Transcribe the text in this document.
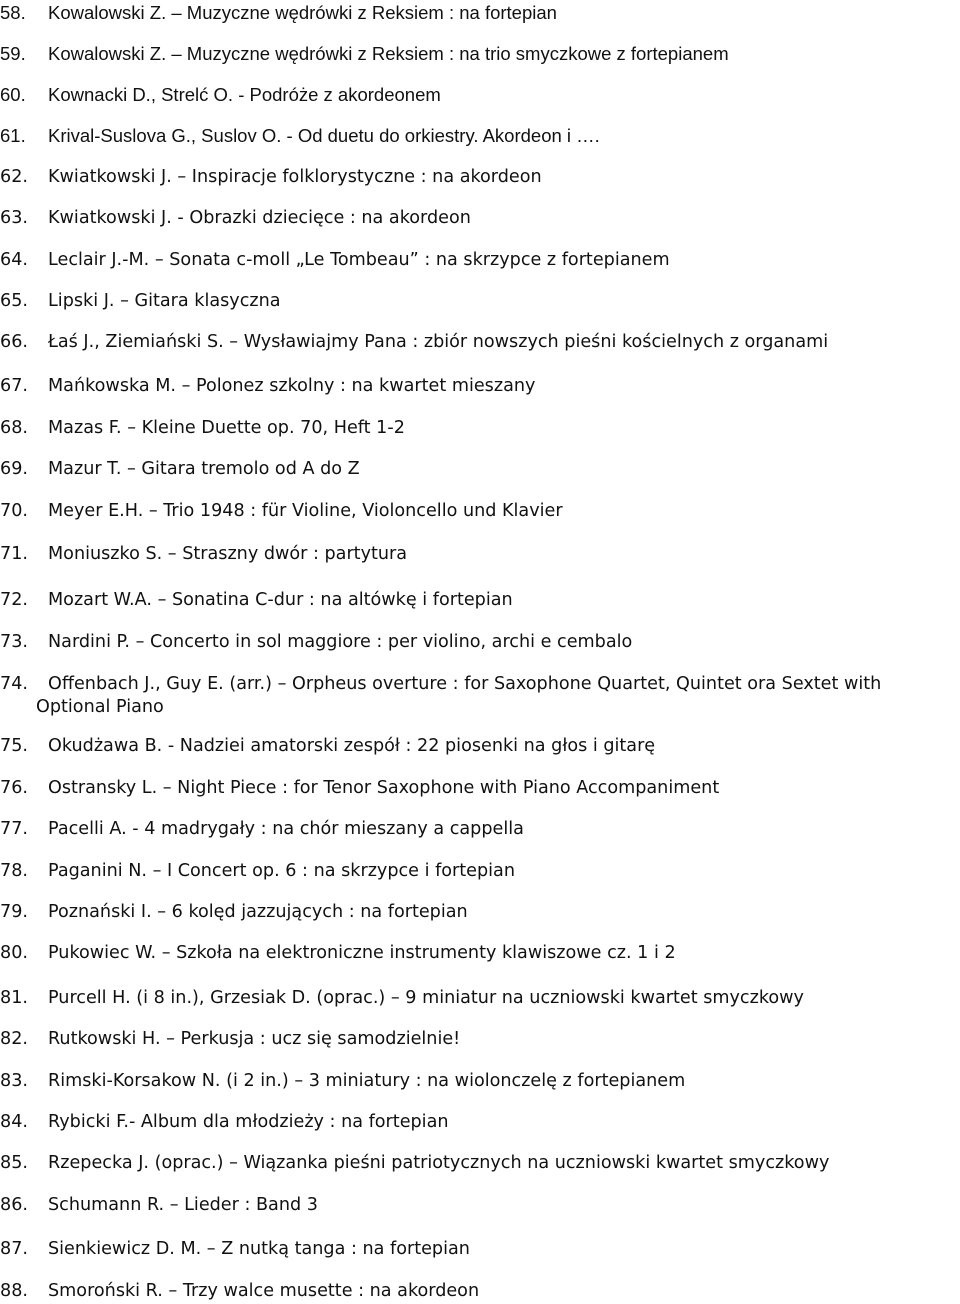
58.	Kowalowski Z. – Muzyczne wędrówki z Reksiem : na fortepian
59.	Kowalowski Z. – Muzyczne wędrówki z Reksiem : na trio smyczkowe z fortepianem
60.	Kownacki D., Strelć O. - Podróże z akordeonem
61.	Krival-Suslova G., Suslov O. - Od duetu do orkiestry. Akordeon i ….
62.	Kwiatkowski J. – Inspiracje folklorystyczne : na akordeon
63.	Kwiatkowski J. - Obrazki dziecięce : na akordeon
64.	Leclair J.-M. – Sonata c-moll „Le Tombeau” : na skrzypce z fortepianem
65.	Lipski J. – Gitara klasyczna
66.	Łaś J., Ziemiański S. – Wysławiajmy Pana : zbiór nowszych pieśni kościelnych z organami
67.	Mańkowska M. – Polonez szkolny : na kwartet mieszany
68.	Mazas F. – Kleine Duette op. 70, Heft 1-2
69.	Mazur T. – Gitara tremolo od A do Z
70.	Meyer E.H. – Trio 1948 : für Violine, Violoncello und Klavier
71.	Moniuszko S. – Straszny dwór : partytura
72.	Mozart W.A. – Sonatina C-dur : na altówkę i fortepian
73.	Nardini P. – Concerto in sol maggiore : per violino, archi e cembalo
74.	Offenbach J., Guy E. (arr.) – Orpheus overture : for Saxophone Quartet, Quintet ora Sextet with Optional Piano
75.	Okudżawa B. - Nadziei amatorski zespół : 22 piosenki na głos i gitarę
76.	Ostransky L. – Night Piece : for Tenor Saxophone with Piano Accompaniment
77.	Pacelli A. - 4 madrygały : na chór mieszany a cappella
78.	Paganini N. – I Concert op. 6 : na skrzypce i fortepian
79.	Poznański I. – 6 kolęd jazzujących : na fortepian
80.	Pukowiec W. – Szkoła na elektroniczne instrumenty klawiszowe cz. 1 i 2
81.	Purcell H. (i 8 in.), Grzesiak D. (oprac.) – 9 miniatur na uczniowski kwartet smyczkowy
82.	Rutkowski H. – Perkusja : ucz się samodzielnie!
83.	Rimski-Korsakow N. (i 2 in.) – 3 miniatury : na wiolonczelę z fortepianem
84.	Rybicki F.- Album dla młodzieży : na fortepian
85.	Rzepecka J. (oprac.) – Wiązanka pieśni patriotycznych na uczniowski kwartet smyczkowy
86.	Schumann R. – Lieder : Band 3
87.	Sienkiewicz D. M. – Z nutką tanga : na fortepian
88.	Smoroński R. – Trzy walce musette : na akordeon
